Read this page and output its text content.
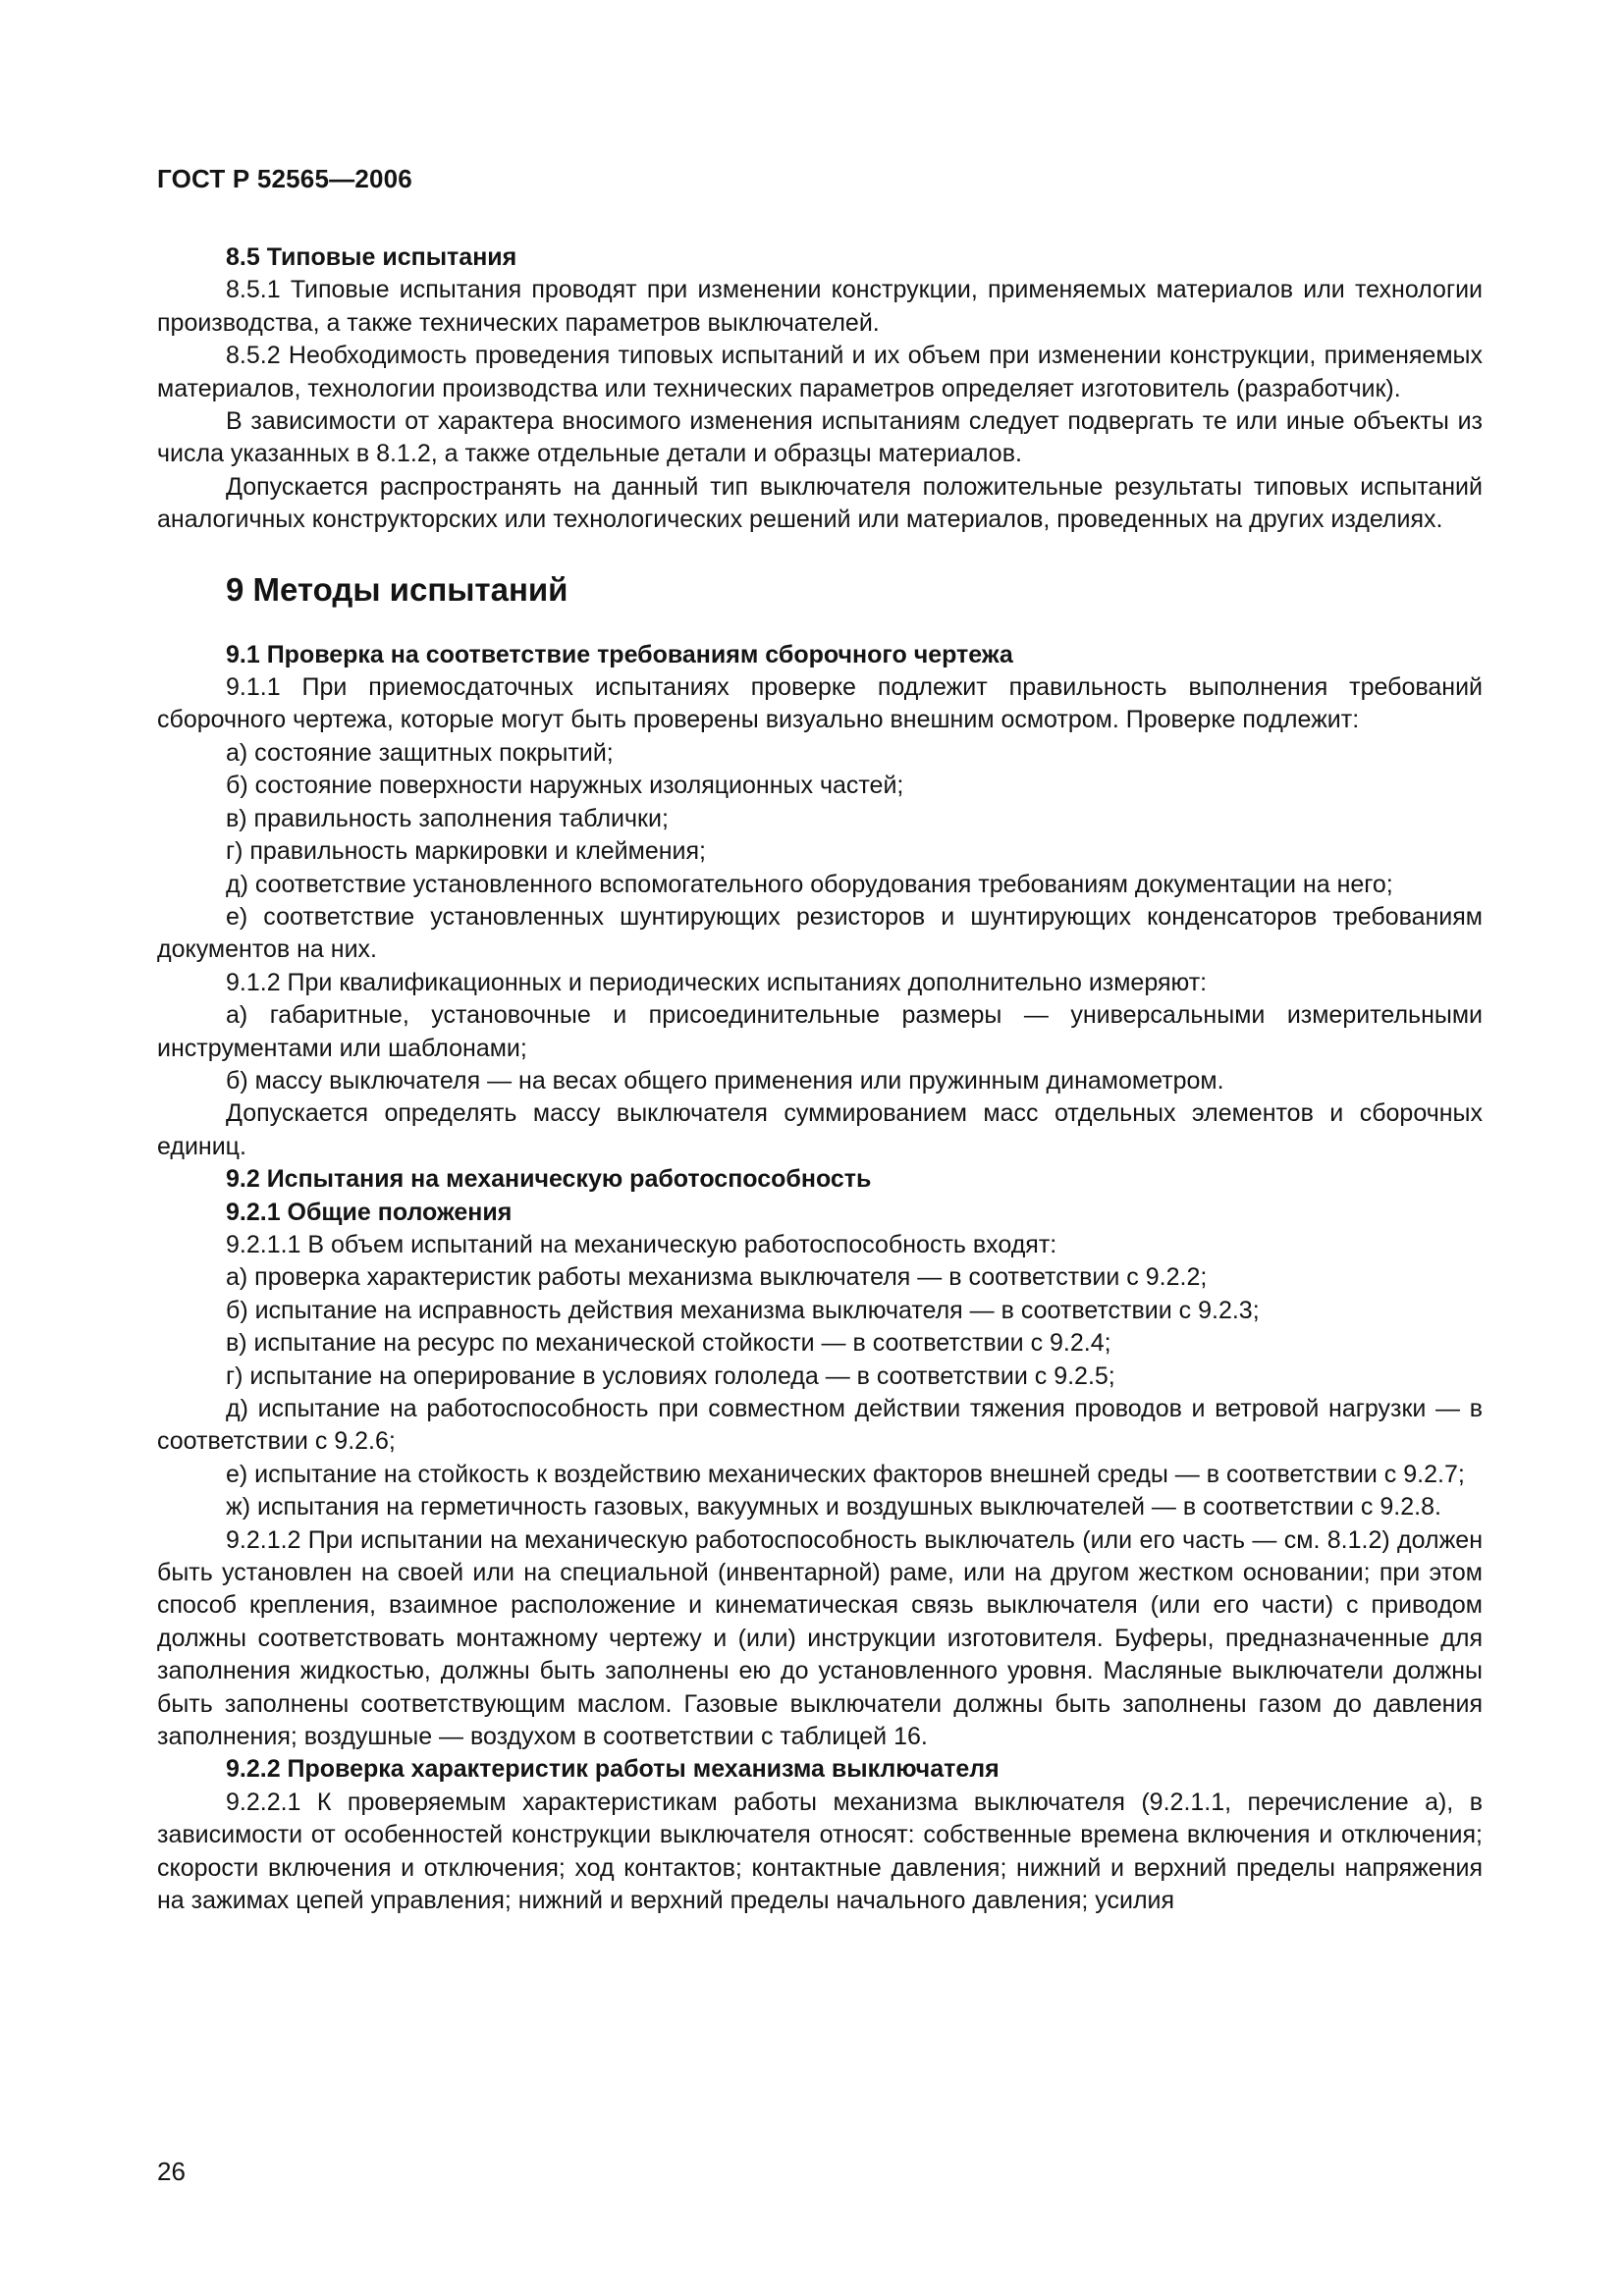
ГОСТ Р 52565—2006

8.5 Типовые испытания

8.5.1 Типовые испытания проводят при изменении конструкции, применяемых материалов или технологии производства, а также технических параметров выключателей.

8.5.2 Необходимость проведения типовых испытаний и их объем при изменении конструкции, применяемых материалов, технологии производства или технических параметров определяет изготовитель (разработчик).

В зависимости от характера вносимого изменения испытаниям следует подвергать те или иные объекты из числа указанных в 8.1.2, а также отдельные детали и образцы материалов.

Допускается распространять на данный тип выключателя положительные результаты типовых испытаний аналогичных конструкторских или технологических решений или материалов, проведенных на других изделиях.

9 Методы испытаний

9.1 Проверка на соответствие требованиям сборочного чертежа

9.1.1 При приемосдаточных испытаниях проверке подлежит правильность выполнения требований сборочного чертежа, которые могут быть проверены визуально внешним осмотром. Проверке подлежит:

а) состояние защитных покрытий;

б) состояние поверхности наружных изоляционных частей;

в) правильность заполнения таблички;

г) правильность маркировки и клеймения;

д) соответствие установленного вспомогательного оборудования требованиям документации на него;

е) соответствие установленных шунтирующих резисторов и шунтирующих конденсаторов требованиям документов на них.

9.1.2 При квалификационных и периодических испытаниях дополнительно измеряют:

а) габаритные, установочные и присоединительные размеры — универсальными измерительными инструментами или шаблонами;

б) массу выключателя — на весах общего применения или пружинным динамометром.

Допускается определять массу выключателя суммированием масс отдельных элементов и сборочных единиц.

9.2 Испытания на механическую работоспособность

9.2.1 Общие положения

9.2.1.1 В объем испытаний на механическую работоспособность входят:

а) проверка характеристик работы механизма выключателя — в соответствии с 9.2.2;

б) испытание на исправность действия механизма выключателя — в соответствии с 9.2.3;

в) испытание на ресурс по механической стойкости — в соответствии с 9.2.4;

г) испытание на оперирование в условиях гололеда — в соответствии с 9.2.5;

д) испытание на работоспособность при совместном действии тяжения проводов и ветровой нагрузки — в соответствии с 9.2.6;

е) испытание на стойкость к воздействию механических факторов внешней среды — в соответствии с 9.2.7;

ж) испытания на герметичность газовых, вакуумных и воздушных выключателей — в соответствии с 9.2.8.

9.2.1.2 При испытании на механическую работоспособность выключатель (или его часть — см. 8.1.2) должен быть установлен на своей или на специальной (инвентарной) раме, или на другом жестком основании; при этом способ крепления, взаимное расположение и кинематическая связь выключателя (или его части) с приводом должны соответствовать монтажному чертежу и (или) инструкции изготовителя. Буферы, предназначенные для заполнения жидкостью, должны быть заполнены ею до установленного уровня. Масляные выключатели должны быть заполнены соответствующим маслом. Газовые выключатели должны быть заполнены газом до давления заполнения; воздушные — воздухом в соответствии с таблицей 16.

9.2.2 Проверка характеристик работы механизма выключателя

9.2.2.1 К проверяемым характеристикам работы механизма выключателя (9.2.1.1, перечисление а), в зависимости от особенностей конструкции выключателя относят: собственные времена включения и отключения; скорости включения и отключения; ход контактов; контактные давления; нижний и верхний пределы напряжения на зажимах цепей управления; нижний и верхний пределы начального давления; усилия

26
